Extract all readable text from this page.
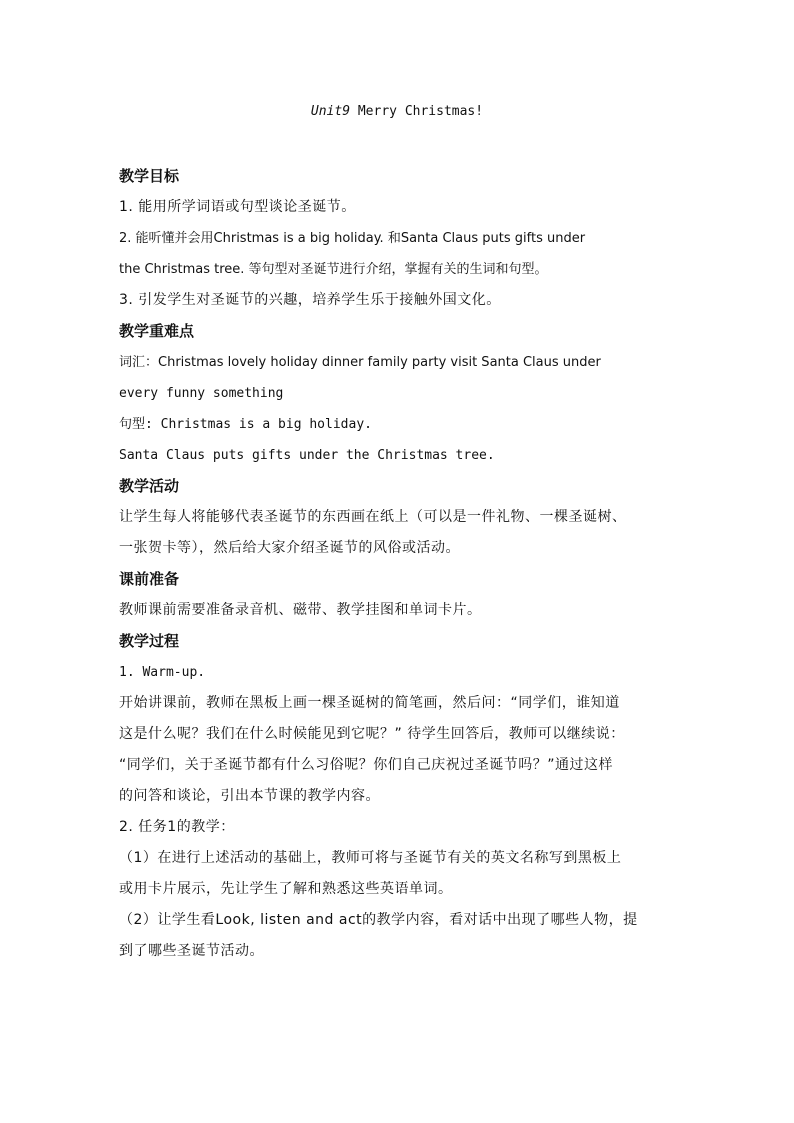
Unit9 Merry Christmas!
教学目标
1. 能用所学词语或句型谈论圣诞节。
2. 能听懂并会用Christmas is a big holiday. 和Santa Claus puts gifts under
the Christmas tree. 等句型对圣诞节进行介绍，掌握有关的生词和句型。
3. 引发学生对圣诞节的兴趣，培养学生乐于接触外国文化。
教学重难点
词汇：Christmas lovely holiday dinner family party visit Santa Claus under
every funny something
句型: Christmas is a big holiday.
Santa Claus puts gifts under the Christmas tree.
教学活动
让学生每人将能够代表圣诞节的东西画在纸上（可以是一件礼物、一棵圣诞树、
一张贺卡等），然后给大家介绍圣诞节的风俗或活动。
课前准备
教师课前需要准备录音机、磁带、教学挂图和单词卡片。
教学过程
1. Warm-up.
开始讲课前，教师在黑板上画一棵圣诞树的简笔画，然后问：“同学们，谁知道
这是什么呢？我们在什么时候能见到它呢？” 待学生回答后，教师可以继续说：
“同学们，关于圣诞节都有什么习俗呢？你们自己庆祝过圣诞节吗？”通过这样
的问答和谈论，引出本节课的教学内容。
2. 任务1的教学：
（1）在进行上述活动的基础上，教师可将与圣诞节有关的英文名称写到黑板上
或用卡片展示，先让学生了解和熟悉这些英语单词。
（2）让学生看Look, listen and act的教学内容，看对话中出现了哪些人物，提
到了哪些圣诞节活动。
